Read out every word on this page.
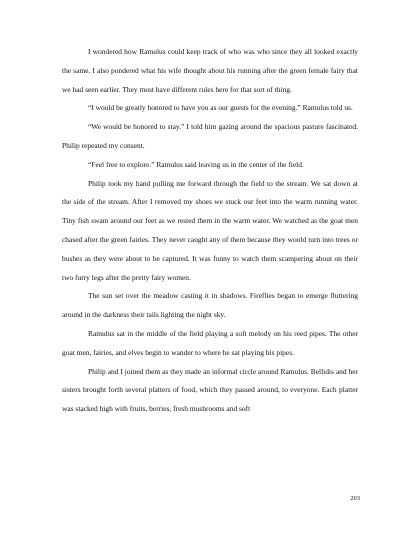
I wondered how Ramulus could keep track of who was who since they all looked exactly the same. I also pondered what his wife thought about his running after the green female fairy that we had seen earlier. They must have different rules here for that sort of thing.

“I would be greatly honored to have you as our guests for the evening.” Ramulus told us.

“We would be honored to stay.” I told him gazing around the spacious pasture fascinated. Philip repeated my consent.

“Feel free to explore.” Ramulus said leaving us in the center of the field.

Philip took my hand pulling me forward through the field to the stream. We sat down at the side of the stream. After I removed my shoes we stuck our feet into the warm running water. Tiny fish swam around our feet as we rested them in the warm water. We watched as the goat men chased after the green fairies. They never caught any of them because they would turn into trees or bushes as they were about to be captured. It was funny to watch them scampering about on their two furry legs after the pretty fairy women.

The sun set over the meadow casting it in shadows. Fireflies began to emerge fluttering around in the darkness their tails lighting the night sky.

Ramulus sat in the middle of the field playing a soft melody on his reed pipes. The other goat men, fairies, and elves begin to wander to where he sat playing his pipes.

Philip and I joined them as they made an informal circle around Ramulus. Bellidis and her sisters brought forth several platters of food, which they passed around, to everyone. Each platter was stacked high with fruits, berries, fresh mushrooms and soft

203
